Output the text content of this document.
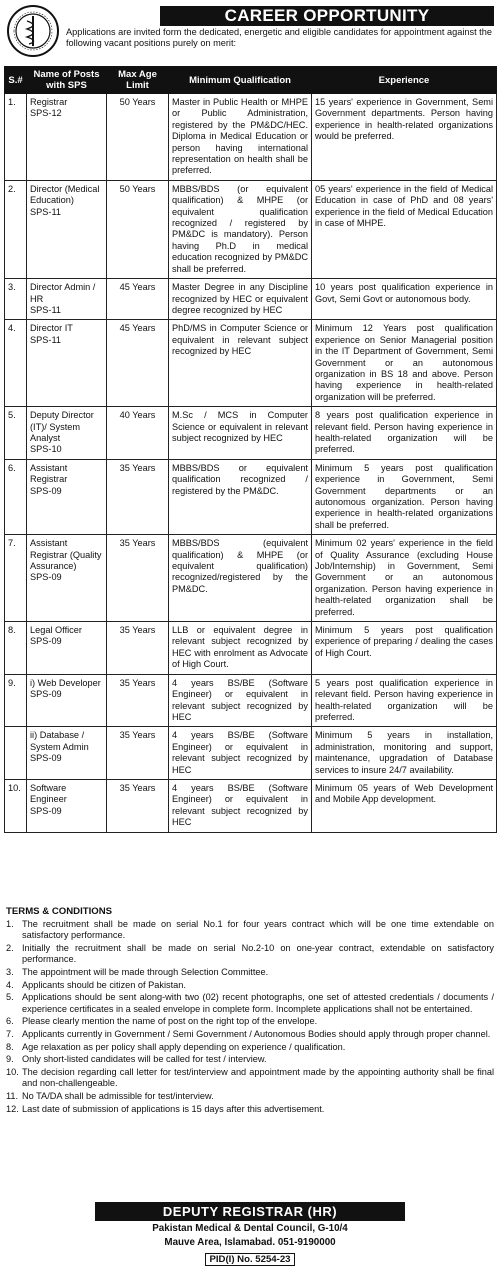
CAREER OPPORTUNITY
Applications are invited form the dedicated, energetic and eligible candidates for appointment against the following vacant positions purely on merit:
S.#	Name of Posts with SPS	Max Age Limit	Minimum Qualification	Experience
1.	Registrar
SPS-12	50 Years	Master in Public Health or MHPE or Public Administration, registered by the PM&DC/HEC. Diploma in Medical Education or person having international representation on health shall be preferred.	15 years' experience in Government, Semi Government departments. Person having experience in health-related organizations would be preferred.
2.	Director (Medical Education)
SPS-11	50 Years	MBBS/BDS (or equivalent qualification) & MHPE (or equivalent qualification recognized / registered by PM&DC is mandatory). Person having Ph.D in medical education recognized by PM&DC shall be preferred.	05 years' experience in the field of Medical Education in case of PhD and 08 years' experience in the field of Medical Education in case of MHPE.
3.	Director Admin / HR
SPS-11	45 Years	Master Degree in any Discipline recognized by HEC or equivalent degree recognized by HEC	10 years post qualification experience in Govt, Semi Govt or autonomous body.
4.	Director IT
SPS-11	45 Years	PhD/MS in Computer Science or equivalent in relevant subject recognized by HEC	Minimum 12 Years post qualification experience on Senior Managerial position in the IT Department of Government, Semi Government or an autonomous organization in BS 18 and above. Person having experience in health-related organization will be preferred.
5.	Deputy Director (IT)/ System Analyst
SPS-10	40 Years	M.Sc / MCS in Computer Science or equivalent in relevant subject recognized by HEC	8 years post qualification experience in relevant field. Person having experience in health-related organization will be preferred.
6.	Assistant Registrar
SPS-09	35 Years	MBBS/BDS or equivalent qualification recognized / registered by the PM&DC.	Minimum 5 years post qualification experience in Government, Semi Government departments or an autonomous organization. Person having experience in health-related organizations shall be preferred.
7.	Assistant Registrar (Quality Assurance)
SPS-09	35 Years	MBBS/BDS (equivalent qualification) & MHPE (or equivalent qualification) recognized/registered by the PM&DC.	Minimum 02 years' experience in the field of Quality Assurance (excluding House Job/Internship) in Government, Semi Government or an autonomous organization. Person having experience in health-related organization shall be preferred.
8.	Legal Officer
SPS-09	35 Years	LLB or equivalent degree in relevant subject recognized by HEC with enrolment as Advocate of High Court.	Minimum 5 years post qualification experience of preparing / dealing the cases of High Court.
9.	i) Web Developer
SPS-09	35 Years	4 years BS/BE (Software Engineer) or equivalent in relevant subject recognized by HEC	5 years post qualification experience in relevant field. Person having experience in health-related organization will be preferred.
	ii) Database / System Admin
SPS-09	35 Years	4 years BS/BE (Software Engineer) or equivalent in relevant subject recognized by HEC	Minimum 5 years in installation, administration, monitoring and support, maintenance, upgradation of Database services to insure 24/7 availability.
10.	Software Engineer
SPS-09	35 Years	4 years BS/BE (Software Engineer) or equivalent in relevant subject recognized by HEC	Minimum 05 years of Web Development and Mobile App development.
TERMS & CONDITIONS
1. The recruitment shall be made on serial No.1 for four years contract which will be one time extendable on satisfactory performance.
2. Initially the recruitment shall be made on serial No.2-10 on one-year contract, extendable on satisfactory performance.
3. The appointment will be made through Selection Committee.
4. Applicants should be citizen of Pakistan.
5. Applications should be sent along-with two (02) recent photographs, one set of attested credentials / documents / experience certificates in a sealed envelope in complete form. Incomplete applications shall not be entertained.
6. Please clearly mention the name of post on the right top of the envelope.
7. Applicants currently in Government / Semi Government / Autonomous Bodies should apply through proper channel.
8. Age relaxation as per policy shall apply depending on experience / qualification.
9. Only short-listed candidates will be called for test / interview.
10. The decision regarding call letter for test/interview and appointment made by the appointing authority shall be final and non-challengeable.
11. No TA/DA shall be admissible for test/interview.
12. Last date of submission of applications is 15 days after this advertisement.
DEPUTY REGISTRAR (HR)
Pakistan Medical & Dental Council, G-10/4
Mauve Area, Islamabad. 051-9190000
PID(I) No. 5254-23
